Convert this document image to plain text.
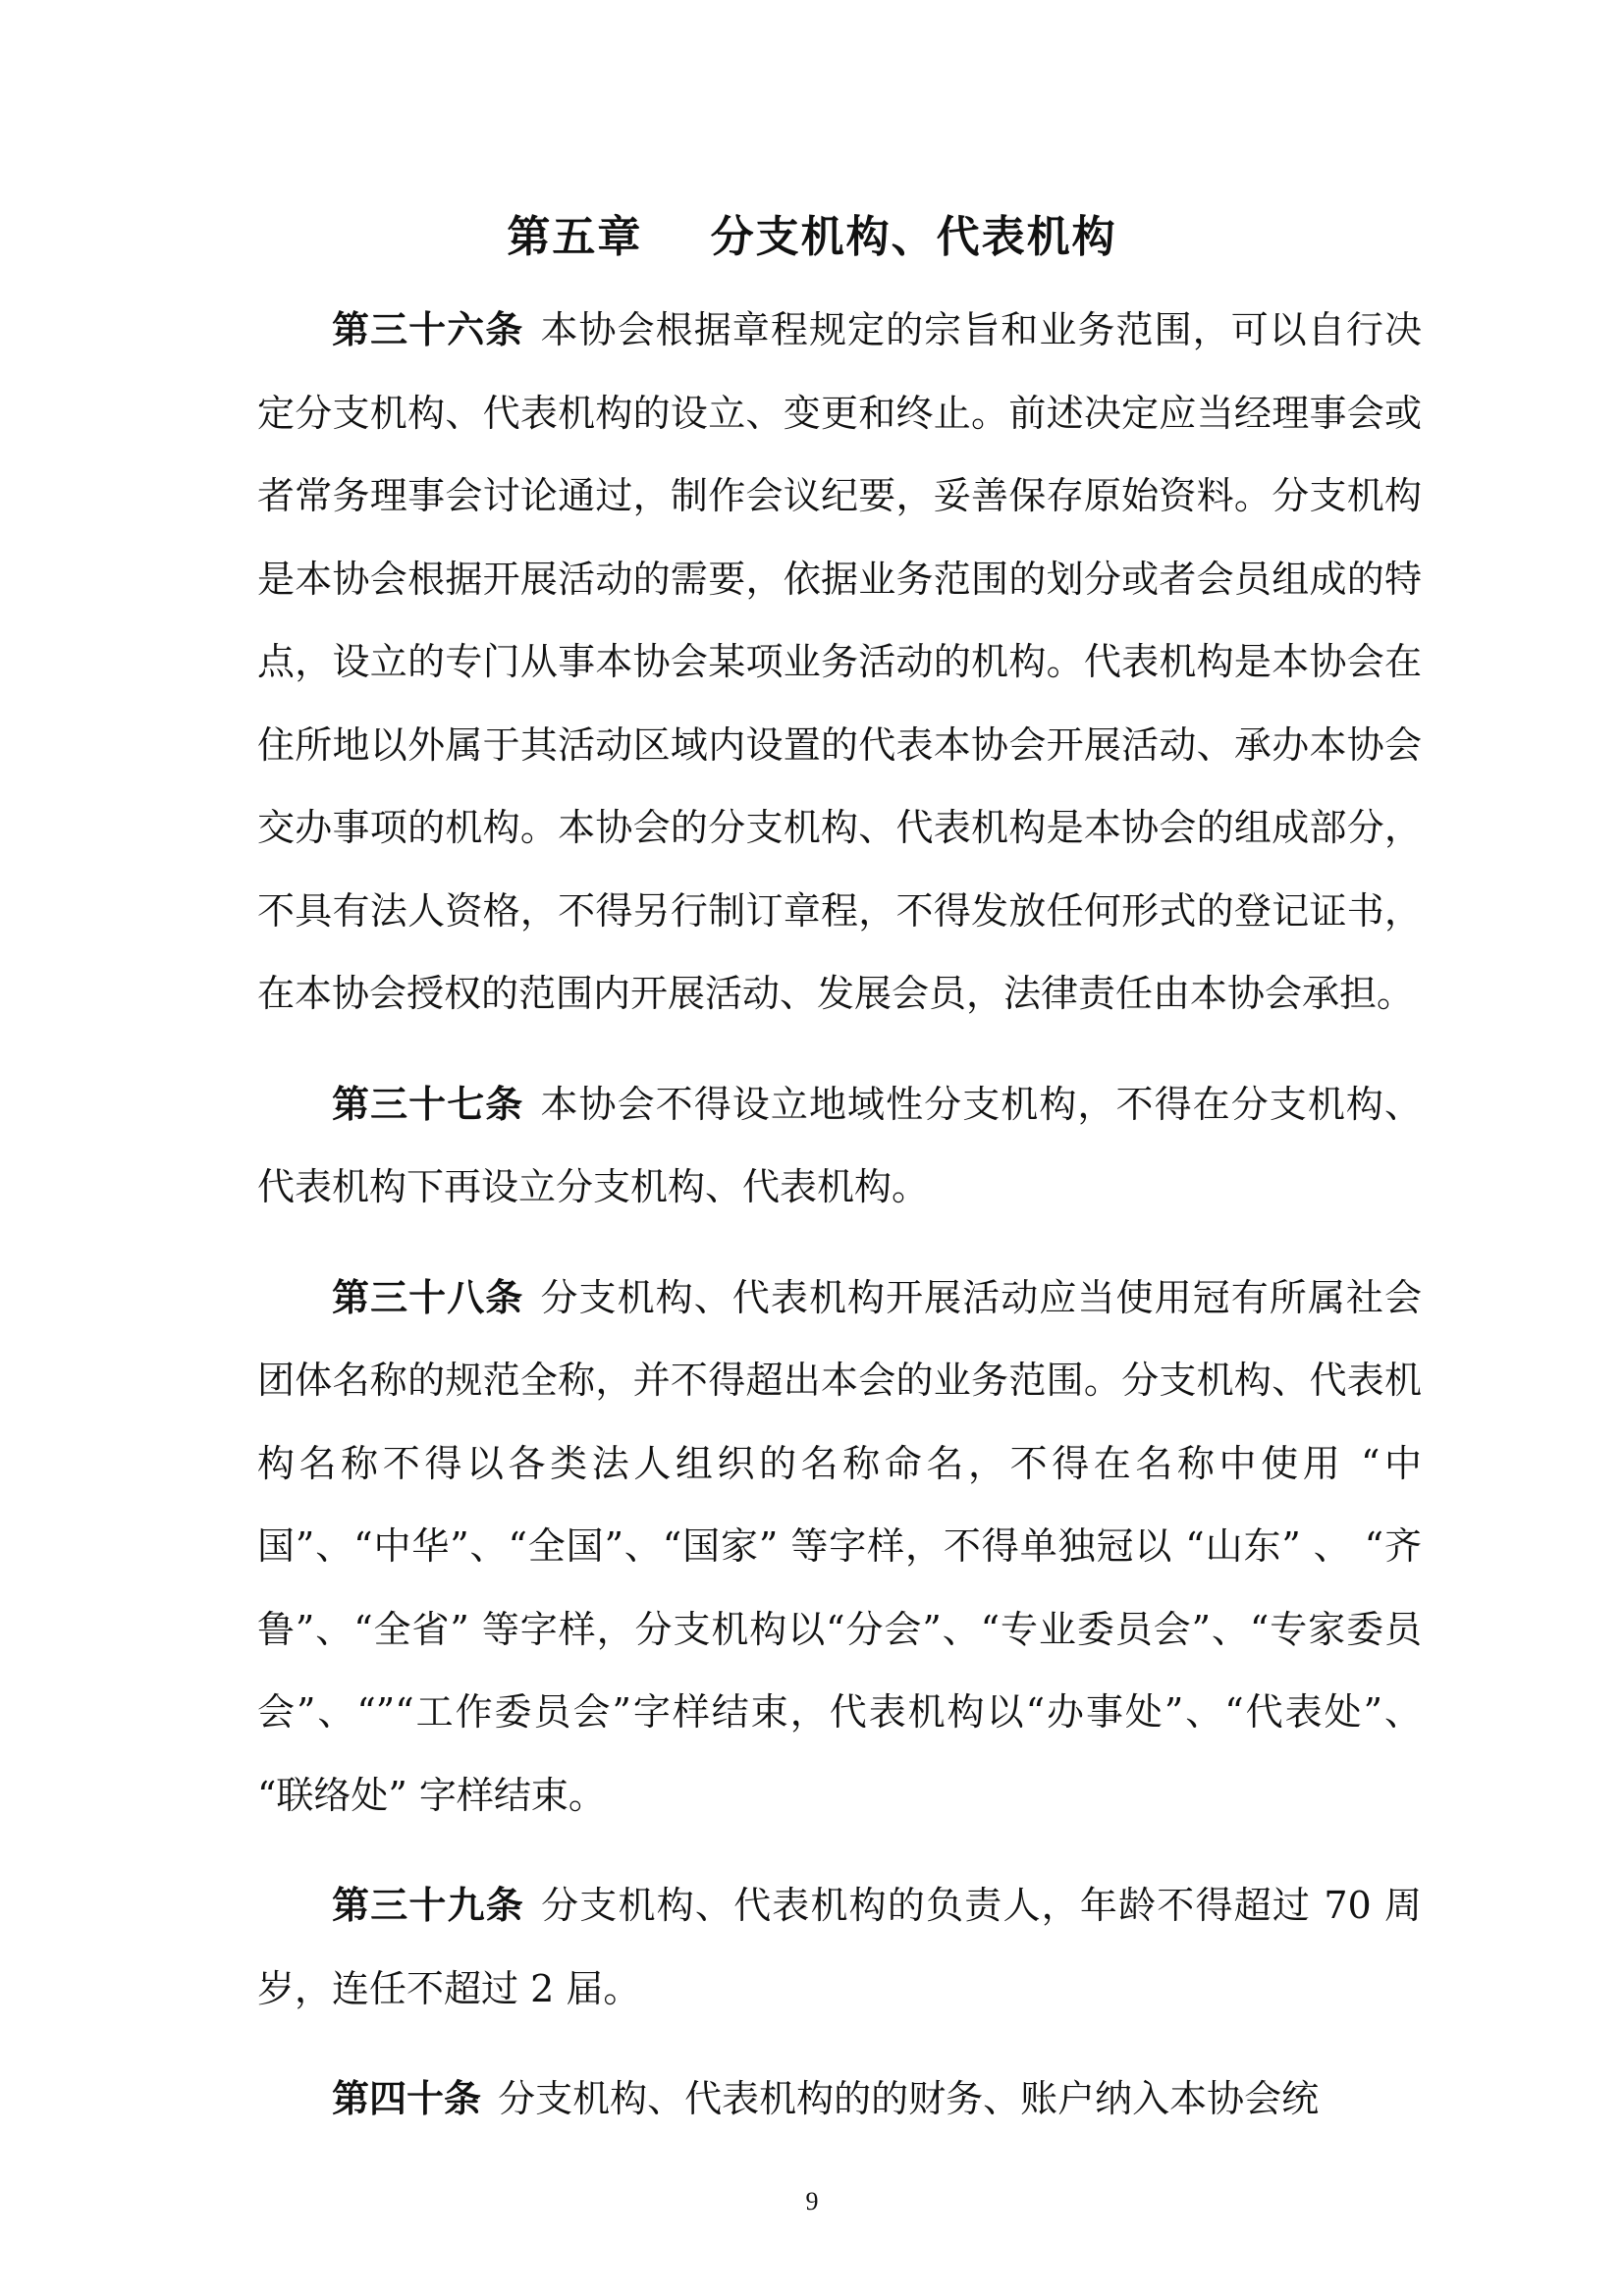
第五章    分支机构、代表机构

第三十六条 本协会根据章程规定的宗旨和业务范围，可以自行决定分支机构、代表机构的设立、变更和终止。前述决定应当经理事会或者常务理事会讨论通过，制作会议纪要，妥善保存原始资料。分支机构是本协会根据开展活动的需要，依据业务范围的划分或者会员组成的特点，设立的专门从事本协会某项业务活动的机构。代表机构是本协会在住所地以外属于其活动区域内设置的代表本协会开展活动、承办本协会交办事项的机构。本协会的分支机构、代表机构是本协会的组成部分，不具有法人资格，不得另行制订章程，不得发放任何形式的登记证书，在本协会授权的范围内开展活动、发展会员，法律责任由本协会承担。

第三十七条 本协会不得设立地域性分支机构，不得在分支机构、代表机构下再设立分支机构、代表机构。

第三十八条 分支机构、代表机构开展活动应当使用冠有所属社会团体名称的规范全称，并不得超出本会的业务范围。分支机构、代表机构名称不得以各类法人组织的名称命名，不得在名称中使用 “中国”、“中华”、“全国”、“国家” 等字样，不得单独冠以 “山东” 、 “齐鲁”、“全省” 等字样，分支机构以“分会”、“专业委员会”、“专家委员会”、“”“工作委员会”字样结束，代表机构以“办事处”、“代表处”、 “联络处” 字样结束。

第三十九条 分支机构、代表机构的负责人，年龄不得超过 70 周岁，连任不超过 2 届。

第四十条 分支机构、代表机构的的财务、账户纳入本协会统

9
